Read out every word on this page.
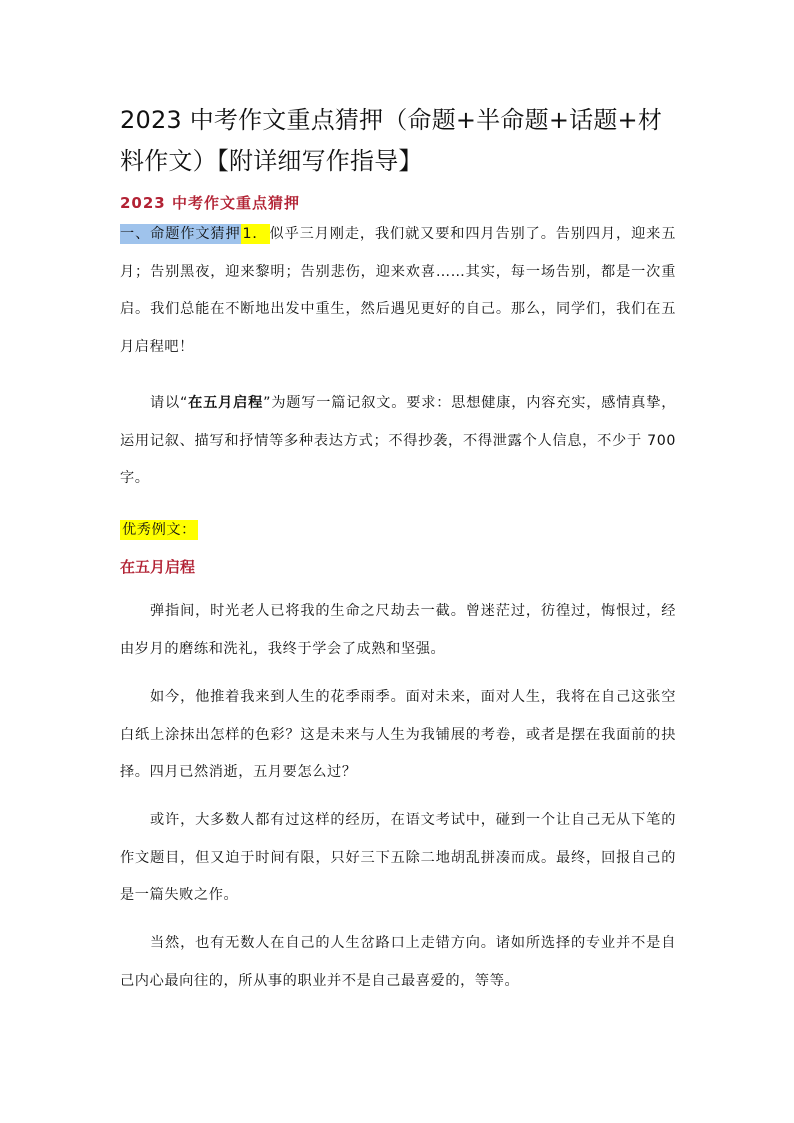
2023 中考作文重点猜押（命题+半命题+话题+材料作文）【附详细写作指导】

2023 中考作文重点猜押

一、命题作文猜押 1． 似乎三月刚走，我们就又要和四月告别了。告别四月，迎来五月；告别黑夜，迎来黎明；告别悲伤，迎来欢喜……其实，每一场告别，都是一次重启。我们总能在不断地出发中重生，然后遇见更好的自己。那么，同学们，我们在五月启程吧！

请以“在五月启程”为题写一篇记叙文。要求：思想健康，内容充实，感情真挚，运用记叙、描写和抒情等多种表达方式；不得抄袭，不得泄露个人信息，不少于 700 字。

优秀例文：

在五月启程

弹指间，时光老人已将我的生命之尺劫去一截。曾迷茫过，彷徨过，悔恨过，经由岁月的磨练和洗礼，我终于学会了成熟和坚强。

如今，他推着我来到人生的花季雨季。面对未来，面对人生，我将在自己这张空白纸上涂抹出怎样的色彩？这是未来与人生为我铺展的考卷，或者是摆在我面前的抉择。四月已然消逝，五月要怎么过？

或许，大多数人都有过这样的经历，在语文考试中，碰到一个让自己无从下笔的作文题目，但又迫于时间有限，只好三下五除二地胡乱拼凑而成。最终，回报自己的是一篇失败之作。

当然，也有无数人在自己的人生岔路口上走错方向。诸如所选择的专业并不是自己内心最向往的，所从事的职业并不是自己最喜爱的，等等。
